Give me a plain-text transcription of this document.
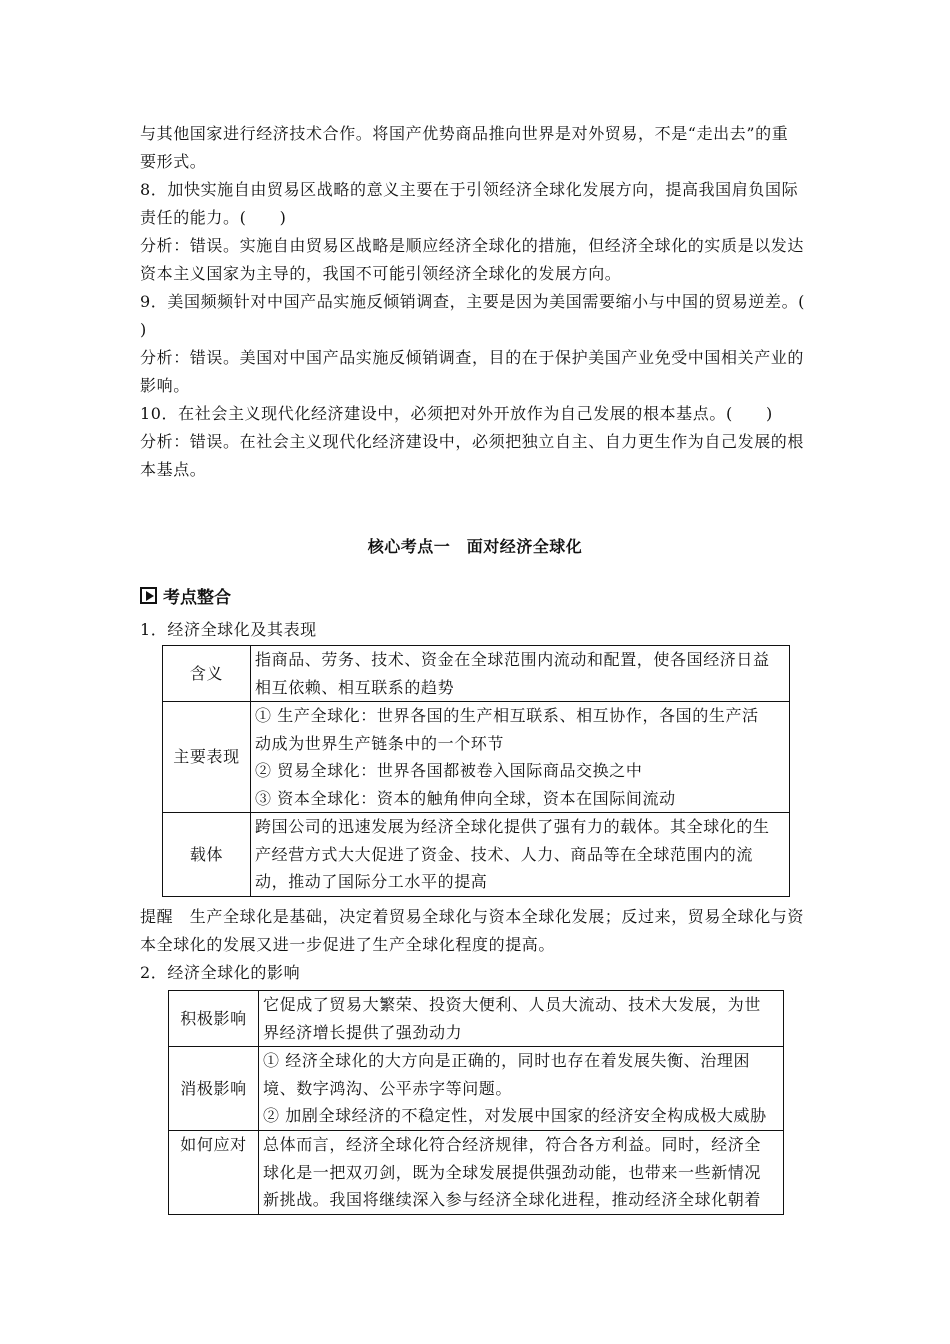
与其他国家进行经济技术合作。将国产优势商品推向世界是对外贸易，不是“走出去”的重

要形式。

8．加快实施自由贸易区战略的意义主要在于引领经济全球化发展方向，提高我国肩负国际

责任的能力。(　　)

分析：错误。实施自由贸易区战略是顺应经济全球化的措施，但经济全球化的实质是以发达

资本主义国家为主导的，我国不可能引领经济全球化的发展方向。

9．美国频频针对中国产品实施反倾销调查，主要是因为美国需要缩小与中国的贸易逆差。(

)

分析：错误。美国对中国产品实施反倾销调查，目的在于保护美国产业免受中国相关产业的

影响。

10．在社会主义现代化经济建设中，必须把对外开放作为自己发展的根本基点。(　　)

分析：错误。在社会主义现代化经济建设中，必须把独立自主、自力更生作为自己发展的根

本基点。

核心考点一　面对经济全球化
考点整合

1．经济全球化及其表现

含义	指商品、劳务、技术、资金在全球范围内流动和配置，使各国经济日益
相互依赖、相互联系的趋势

主要表现	① 生产全球化：世界各国的生产相互联系、相互协作，各国的生产活
动成为世界生产链条中的一个环节
② 贸易全球化：世界各国都被卷入国际商品交换之中
③ 资本全球化：资本的触角伸向全球，资本在国际间流动

载体	跨国公司的迅速发展为经济全球化提供了强有力的载体。其全球化的生
产经营方式大大促进了资金、技术、人力、商品等在全球范围内的流
动，推动了国际分工水平的提高

提醒　生产全球化是基础，决定着贸易全球化与资本全球化发展；反过来，贸易全球化与资

本全球化的发展又进一步促进了生产全球化程度的提高。

2．经济全球化的影响

积极影响	它促成了贸易大繁荣、投资大便利、人员大流动、技术大发展，为世
界经济增长提供了强劲动力

消极影响	① 经济全球化的大方向是正确的，同时也存在着发展失衡、治理困
境、数字鸿沟、公平赤字等问题。
② 加剧全球经济的不稳定性，对发展中国家的经济安全构成极大威胁

如何应对	总体而言，经济全球化符合经济规律，符合各方利益。同时，经济全
球化是一把双刃剑，既为全球发展提供强劲动能，也带来一些新情况
新挑战。我国将继续深入参与经济全球化进程，推动经济全球化朝着
